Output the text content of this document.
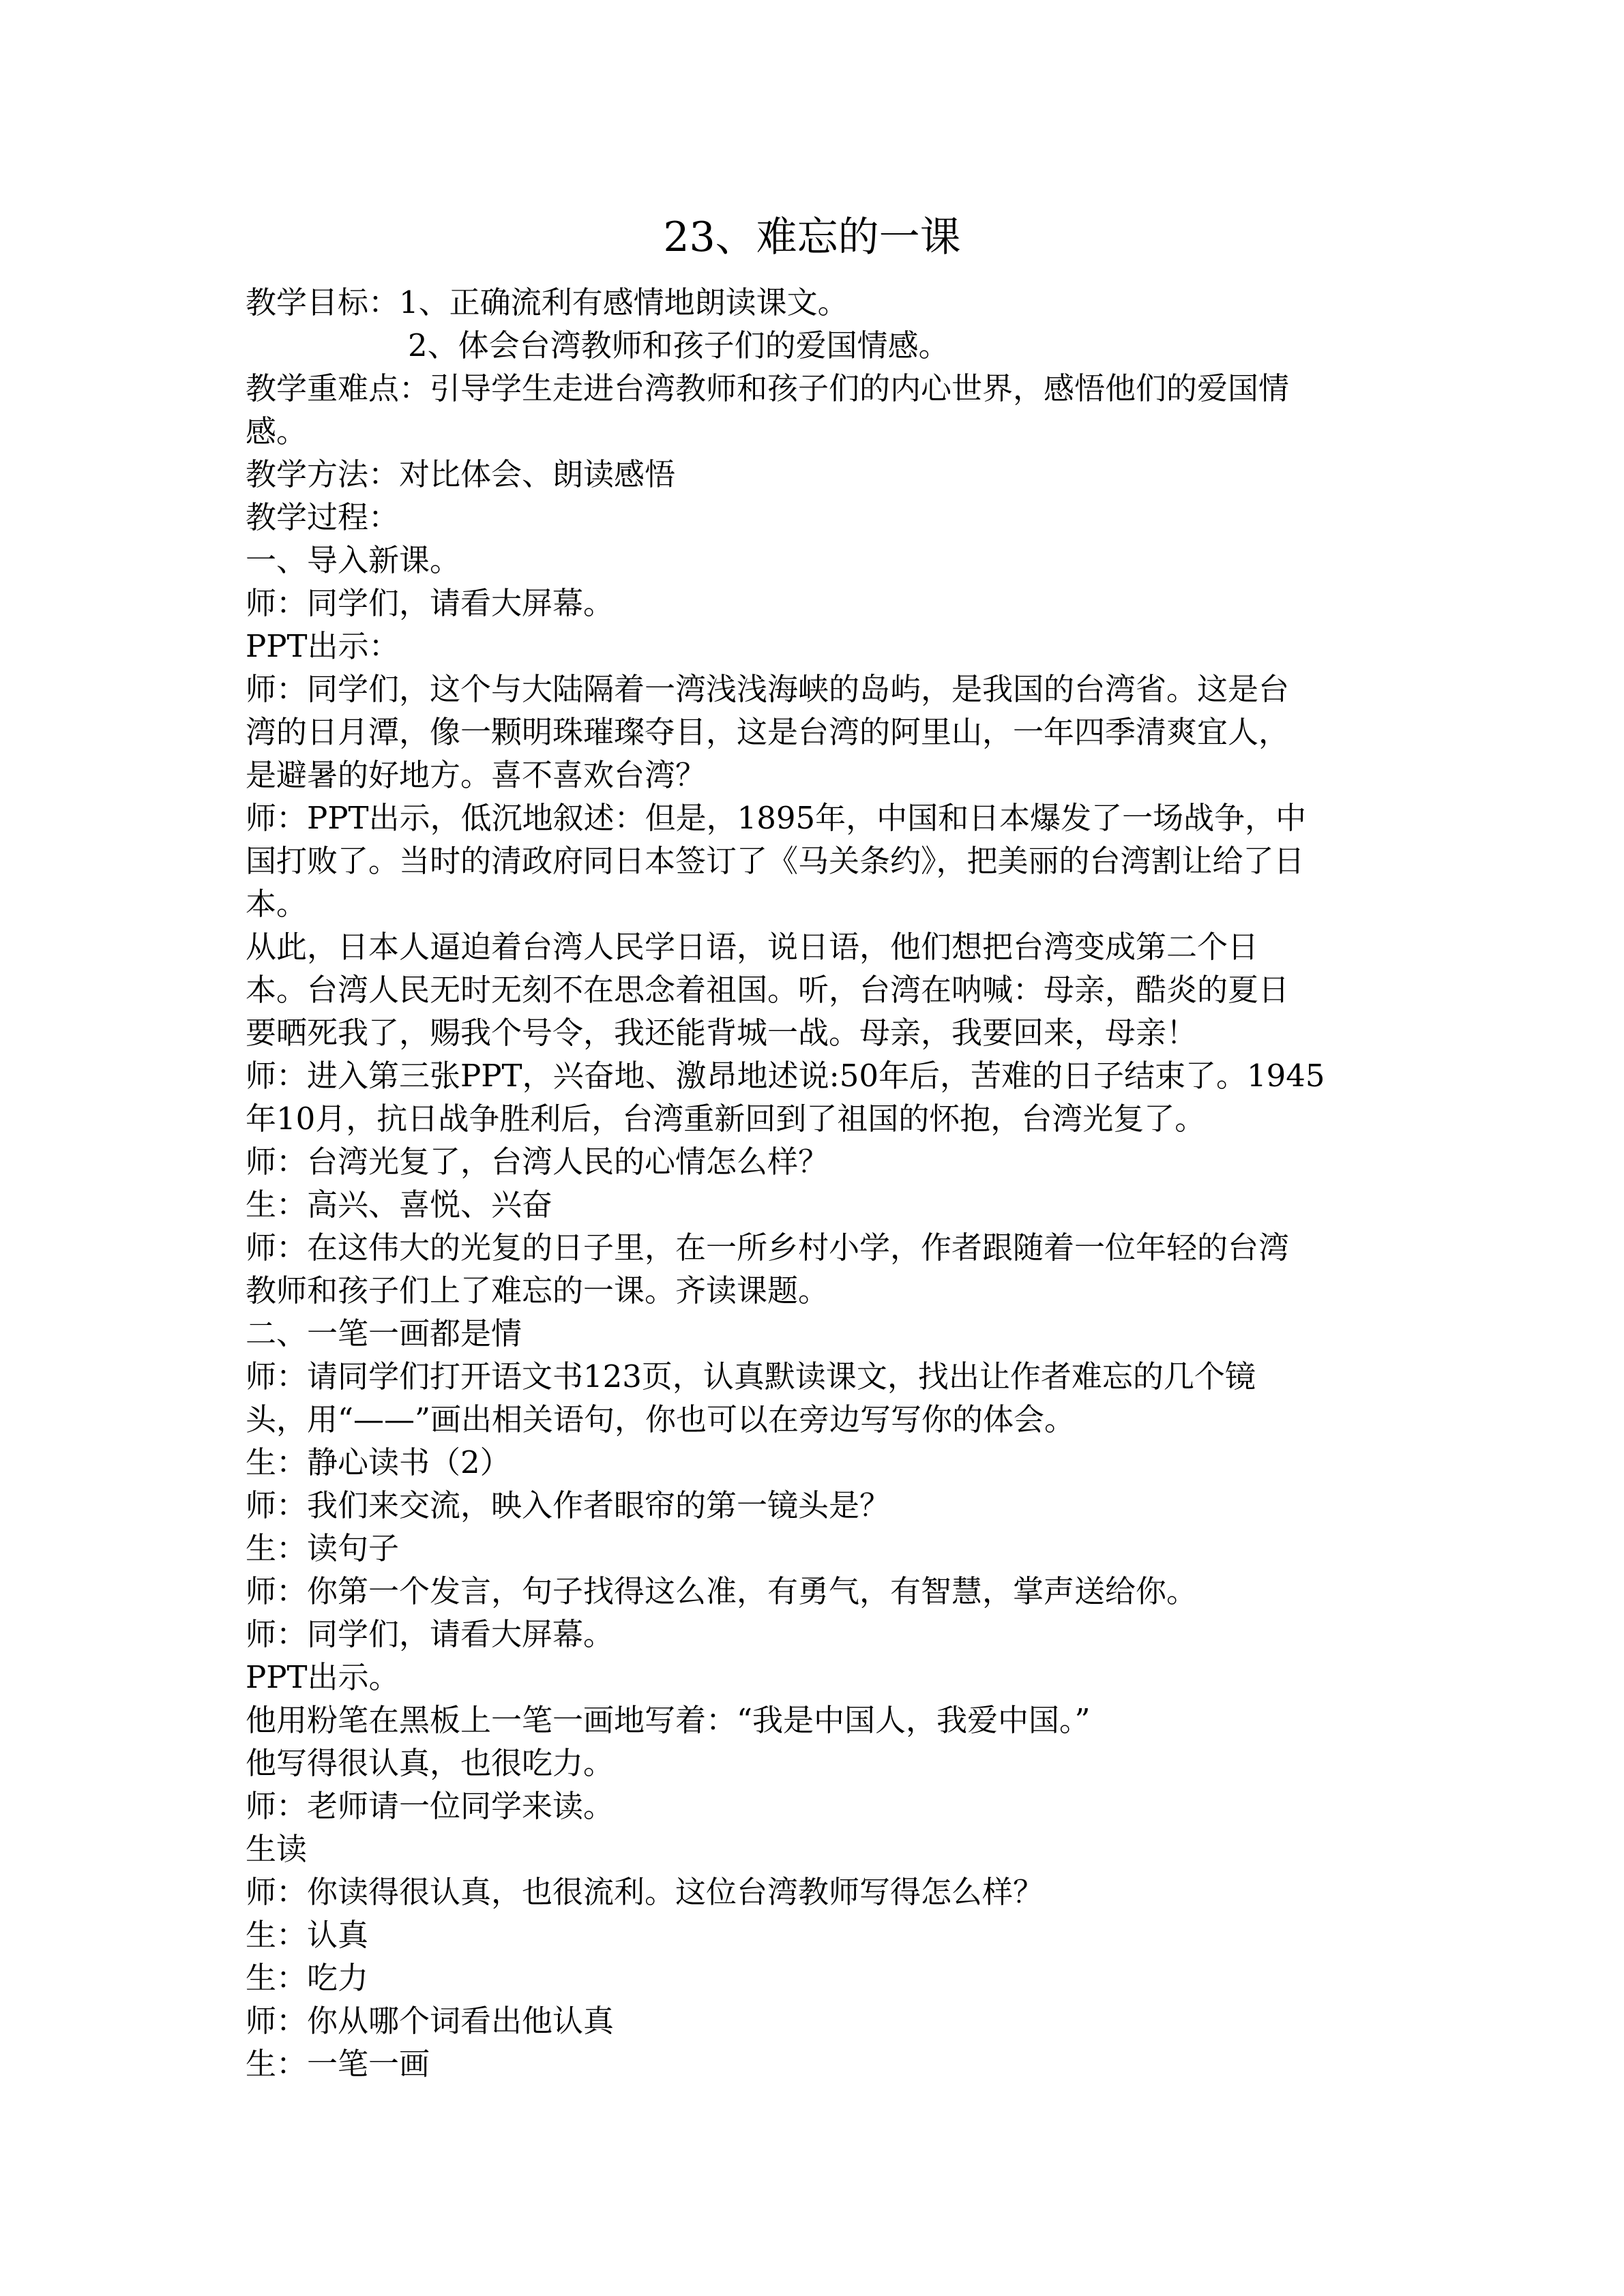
23、难忘的一课

教学目标：1、正确流利有感情地朗读课文。

2、体会台湾教师和孩子们的爱国情感。

教学重难点：引导学生走进台湾教师和孩子们的内心世界，感悟他们的爱国情

感。

教学方法：对比体会、朗读感悟

教学过程：

一、导入新课。

师：同学们，请看大屏幕。

PPT出示：

师：同学们，这个与大陆隔着一湾浅浅海峡的岛屿，是我国的台湾省。这是台

湾的日月潭，像一颗明珠璀璨夺目，这是台湾的阿里山，一年四季清爽宜人，

是避暑的好地方。喜不喜欢台湾？

师：PPT出示，低沉地叙述：但是，1895年，中国和日本爆发了一场战争，中

国打败了。当时的清政府同日本签订了《马关条约》，把美丽的台湾割让给了日

本。

从此，日本人逼迫着台湾人民学日语，说日语，他们想把台湾变成第二个日

本。台湾人民无时无刻不在思念着祖国。听，台湾在呐喊：母亲，酷炎的夏日

要晒死我了，赐我个号令，我还能背城一战。母亲，我要回来，母亲！

师：进入第三张PPT，兴奋地、激昂地述说:50年后，苦难的日子结束了。1945

年10月，抗日战争胜利后，台湾重新回到了祖国的怀抱，台湾光复了。

师：台湾光复了，台湾人民的心情怎么样？

生：高兴、喜悦、兴奋

师：在这伟大的光复的日子里，在一所乡村小学，作者跟随着一位年轻的台湾

教师和孩子们上了难忘的一课。齐读课题。

二、一笔一画都是情

师：请同学们打开语文书123页，认真默读课文，找出让作者难忘的几个镜

头，用“——”画出相关语句，你也可以在旁边写写你的体会。

生：静心读书（2）

师：我们来交流，映入作者眼帘的第一镜头是？

生：读句子

师：你第一个发言，句子找得这么准，有勇气，有智慧，掌声送给你。

师：同学们，请看大屏幕。

PPT出示。

他用粉笔在黑板上一笔一画地写着：“我是中国人，我爱中国。”

他写得很认真，也很吃力。

师：老师请一位同学来读。

生读

师：你读得很认真，也很流利。这位台湾教师写得怎么样？

生：认真

生：吃力

师：你从哪个词看出他认真

生：一笔一画
